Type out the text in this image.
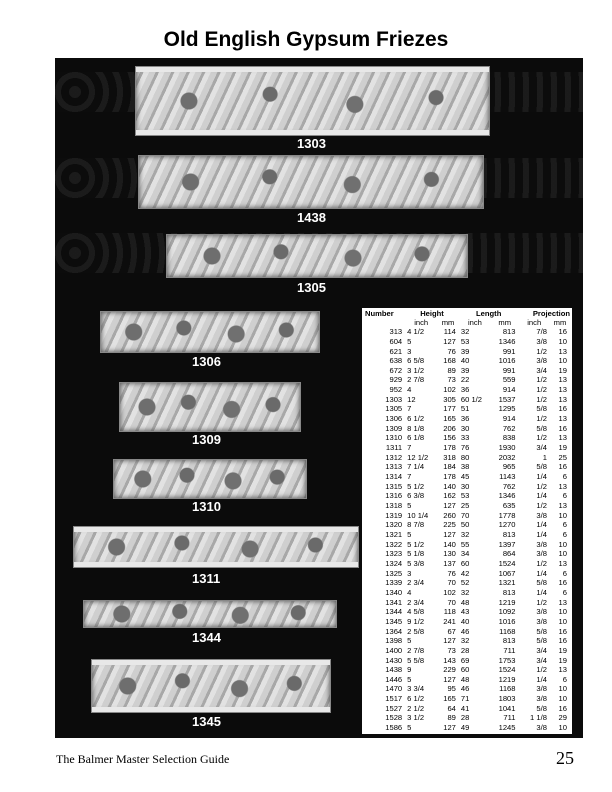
Old English Gypsum Friezes
1303
1438
1305
1306
1309
1310
1311
1344
1345
Number	Height		Length		Projection	
	inch	mm	inch	mm	inch	mm
313	4 1/2	114	32	813	7/8	16
604	5	127	53	1346	3/8	10
621	3	76	39	991	1/2	13
638	6 5/8	168	40	1016	3/8	10
672	3 1/2	89	39	991	3/4	19
929	2 7/8	73	22	559	1/2	13
952	4	102	36	914	1/2	13
1303	12	305	60 1/2	1537	1/2	13
1305	7	177	51	1295	5/8	16
1306	6 1/2	165	36	914	1/2	13
1309	8 1/8	206	30	762	5/8	16
1310	6 1/8	156	33	838	1/2	13
1311	7	178	76	1930	3/4	19
1312	12 1/2	318	80	2032	1	25
1313	7 1/4	184	38	965	5/8	16
1314	7	178	45	1143	1/4	6
1315	5 1/2	140	30	762	1/2	13
1316	6 3/8	162	53	1346	1/4	6
1318	5	127	25	635	1/2	13
1319	10 1/4	260	70	1778	3/8	10
1320	8 7/8	225	50	1270	1/4	6
1321	5	127	32	813	1/4	6
1322	5 1/2	140	55	1397	3/8	10
1323	5 1/8	130	34	864	3/8	10
1324	5 3/8	137	60	1524	1/2	13
1325	3	76	42	1067	1/4	6
1339	2 3/4	70	52	1321	5/8	16
1340	4	102	32	813	1/4	6
1341	2 3/4	70	48	1219	1/2	13
1344	4 5/8	118	43	1092	3/8	10
1345	9 1/2	241	40	1016	3/8	10
1364	2 5/8	67	46	1168	5/8	16
1398	5	127	32	813	5/8	16
1400	2 7/8	73	28	711	3/4	19
1430	5 5/8	143	69	1753	3/4	19
1438	9	229	60	1524	1/2	13
1446	5	127	48	1219	1/4	6
1470	3 3/4	95	46	1168	3/8	10
1517	6 1/2	165	71	1803	3/8	10
1527	2 1/2	64	41	1041	5/8	16
1528	3 1/2	89	28	711	1 1/8	29
1586	5	127	49	1245	3/8	10
The Balmer Master Selection Guide	25
